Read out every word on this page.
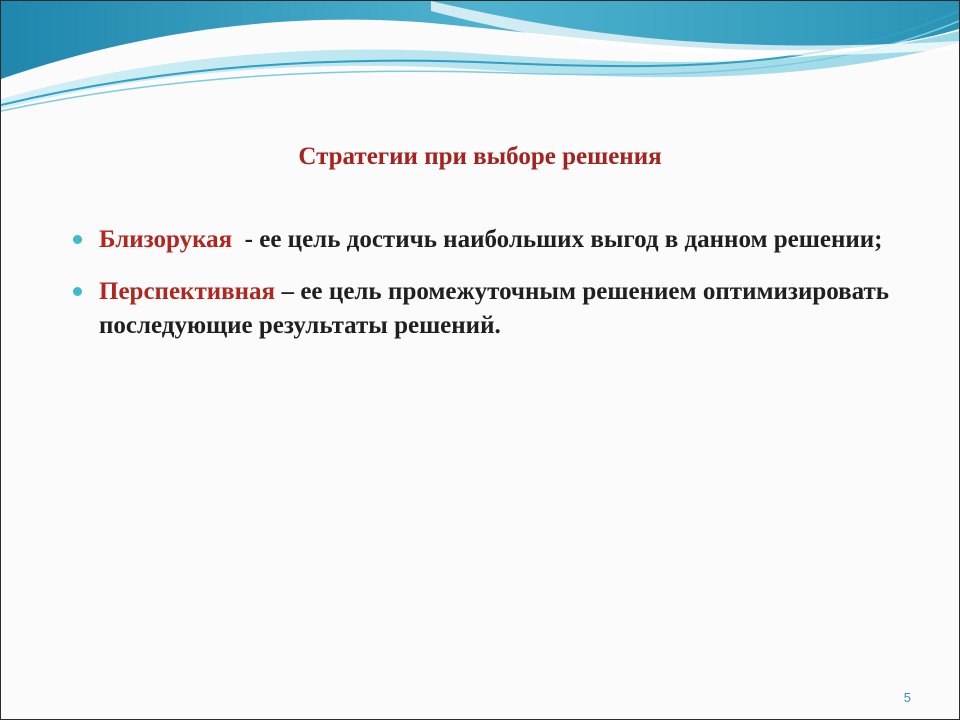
Стратегии при выборе решения
Близорукая  - ее цель достичь наибольших выгод в данном решении;
Перспективная – ее цель промежуточным решением оптимизировать последующие результаты решений.
5
